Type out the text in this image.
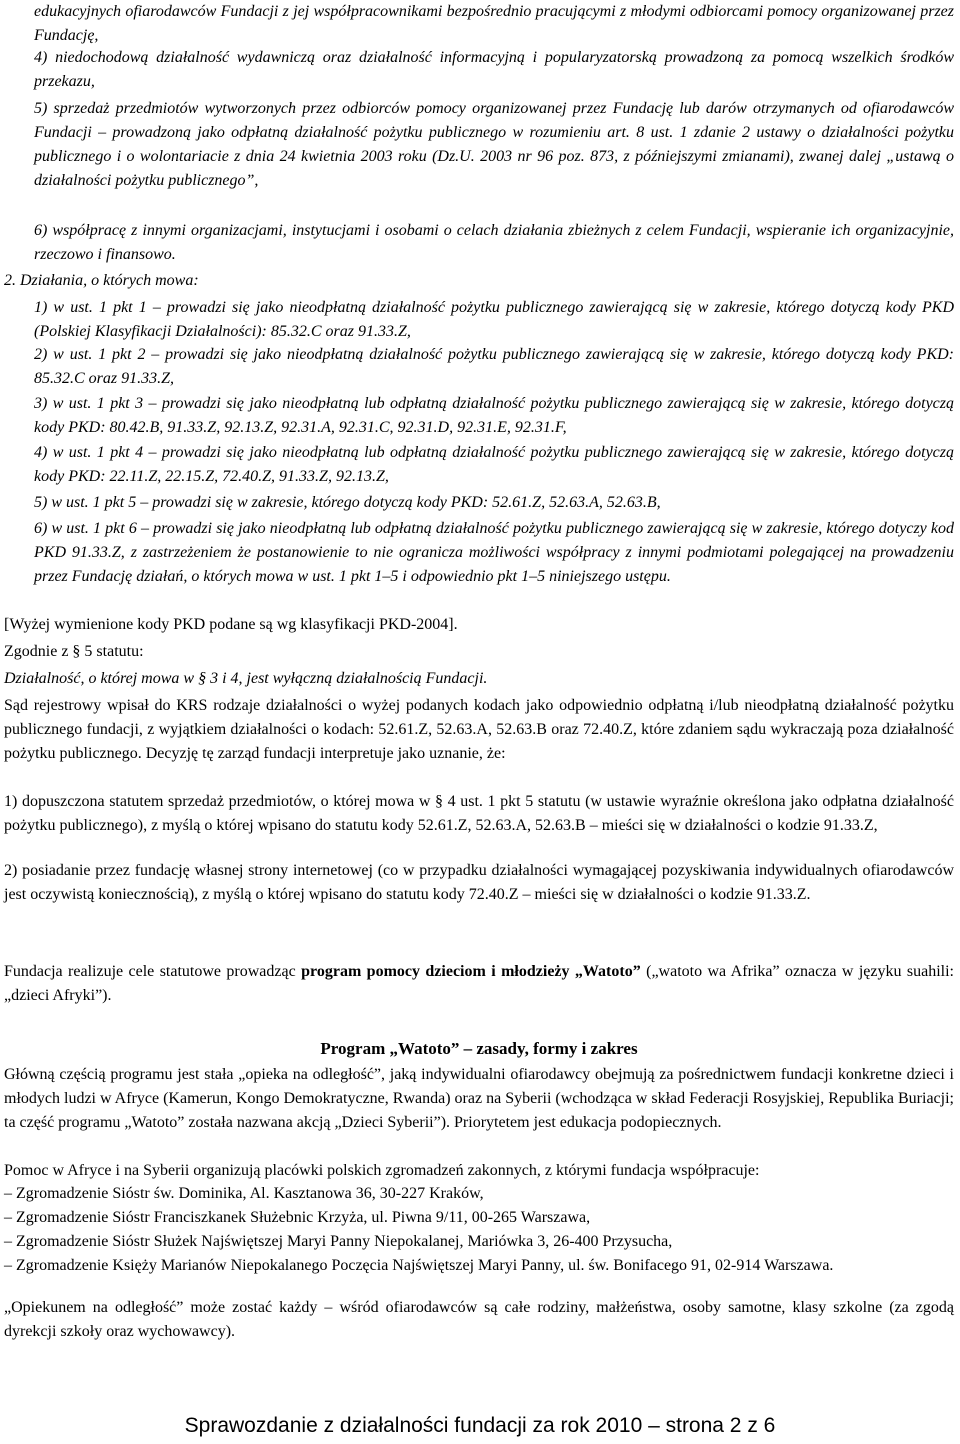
edukacyjnych ofiarodawców Fundacji z jej współpracownikami bezpośrednio pracującymi z młodymi odbiorcami pomocy organizowanej przez Fundację,
4) niedochodową działalność wydawniczą oraz działalność informacyjną i popularyzatorską prowadzoną za pomocą wszelkich środków przekazu,
5) sprzedaż przedmiotów wytworzonych przez odbiorców pomocy organizowanej przez Fundację lub darów otrzymanych od ofiarodawców Fundacji – prowadzoną jako odpłatną działalność pożytku publicznego w rozumieniu art. 8 ust. 1 zdanie 2 ustawy o działalności pożytku publicznego i o wolontariacie z dnia 24 kwietnia 2003 roku (Dz.U. 2003 nr 96 poz. 873, z późniejszymi zmianami), zwanej dalej „ustawą o działalności pożytku publicznego”,
6) współpracę z innymi organizacjami, instytucjami i osobami o celach działania zbieżnych z celem Fundacji, wspieranie ich organizacyjnie, rzeczowo i finansowo.
2. Działania, o których mowa:
1) w ust. 1 pkt 1 – prowadzi się jako nieodpłatną działalność pożytku publicznego zawierającą się w zakresie, którego dotyczą kody PKD (Polskiej Klasyfikacji Działalności): 85.32.C oraz 91.33.Z,
2) w ust. 1 pkt 2 – prowadzi się jako nieodpłatną działalność pożytku publicznego zawierającą się w zakresie, którego dotyczą kody PKD: 85.32.C oraz 91.33.Z,
3) w ust. 1 pkt 3 – prowadzi się jako nieodpłatną lub odpłatną działalność pożytku publicznego zawierającą się w zakresie, którego dotyczą kody PKD: 80.42.B, 91.33.Z, 92.13.Z, 92.31.A, 92.31.C, 92.31.D, 92.31.E, 92.31.F,
4) w ust. 1 pkt 4 – prowadzi się jako nieodpłatną lub odpłatną działalność pożytku publicznego zawierającą się w zakresie, którego dotyczą kody PKD: 22.11.Z, 22.15.Z, 72.40.Z, 91.33.Z, 92.13.Z,
5) w ust. 1 pkt 5 – prowadzi się w zakresie, którego dotyczą kody PKD: 52.61.Z, 52.63.A, 52.63.B,
6) w ust. 1 pkt 6 – prowadzi się jako nieodpłatną lub odpłatną działalność pożytku publicznego zawierającą się w zakresie, którego dotyczy kod PKD 91.33.Z, z zastrzeżeniem że postanowienie to nie ogranicza możliwości współpracy z innymi podmiotami polegającej na prowadzeniu przez Fundację działań, o których mowa w ust. 1 pkt 1–5 i odpowiednio pkt 1–5 niniejszego ustępu.
[Wyżej wymienione kody PKD podane są wg klasyfikacji PKD-2004].
Zgodnie z § 5 statutu:
Działalność, o której mowa w § 3 i 4, jest wyłączną działalnością Fundacji.
Sąd rejestrowy wpisał do KRS rodzaje działalności o wyżej podanych kodach jako odpowiednio odpłatną i/lub nieodpłatną działalność pożytku publicznego fundacji, z wyjątkiem działalności o kodach: 52.61.Z, 52.63.A, 52.63.B oraz 72.40.Z, które zdaniem sądu wykraczają poza działalność pożytku publicznego. Decyzję tę zarząd fundacji interpretuje jako uznanie, że:
1) dopuszczona statutem sprzedaż przedmiotów, o której mowa w § 4 ust. 1 pkt 5 statutu (w ustawie wyraźnie określona jako odpłatna działalność pożytku publicznego), z myślą o której wpisano do statutu kody 52.61.Z, 52.63.A, 52.63.B – mieści się w działalności o kodzie 91.33.Z,
2) posiadanie przez fundację własnej strony internetowej (co w przypadku działalności wymagającej pozyskiwania indywidualnych ofiarodawców jest oczywistą koniecznością), z myślą o której wpisano do statutu kody 72.40.Z – mieści się w działalności o kodzie 91.33.Z.
Fundacja realizuje cele statutowe prowadząc program pomocy dzieciom i młodzieży „Watoto” („watoto wa Afrika” oznacza w języku suahili: „dzieci Afryki”).
Program „Watoto” – zasady, formy i zakres
Główną częścią programu jest stała „opieka na odległość”, jaką indywidualni ofiarodawcy obejmują za pośrednictwem fundacji konkretne dzieci i młodych ludzi w Afryce (Kamerun, Kongo Demokratyczne, Rwanda) oraz na Syberii (wchodząca w skład Federacji Rosyjskiej, Republika Buriacji; ta część programu „Watoto” została nazwana akcją „Dzieci Syberii”). Priorytetem jest edukacja podopiecznych.
Pomoc w Afryce i na Syberii organizują placówki polskich zgromadzeń zakonnych, z którymi fundacja współpracuje:
– Zgromadzenie Sióstr św. Dominika, Al. Kasztanowa 36, 30-227 Kraków,
– Zgromadzenie Sióstr Franciszkanek Służebnic Krzyża, ul. Piwna 9/11, 00-265 Warszawa,
– Zgromadzenie Sióstr Służek Najświętszej Maryi Panny Niepokalanej, Mariówka 3, 26-400 Przysucha,
– Zgromadzenie Księży Marianów Niepokalanego Poczęcia Najświętszej Maryi Panny, ul. św. Bonifacego 91, 02-914 Warszawa.
„Opiekunem na odległość” może zostać każdy – wśród ofiarodawców są całe rodziny, małżeństwa, osoby samotne, klasy szkolne (za zgodą dyrekcji szkoły oraz wychowawcy).
Sprawozdanie z działalności fundacji za rok 2010 – strona 2 z 6
